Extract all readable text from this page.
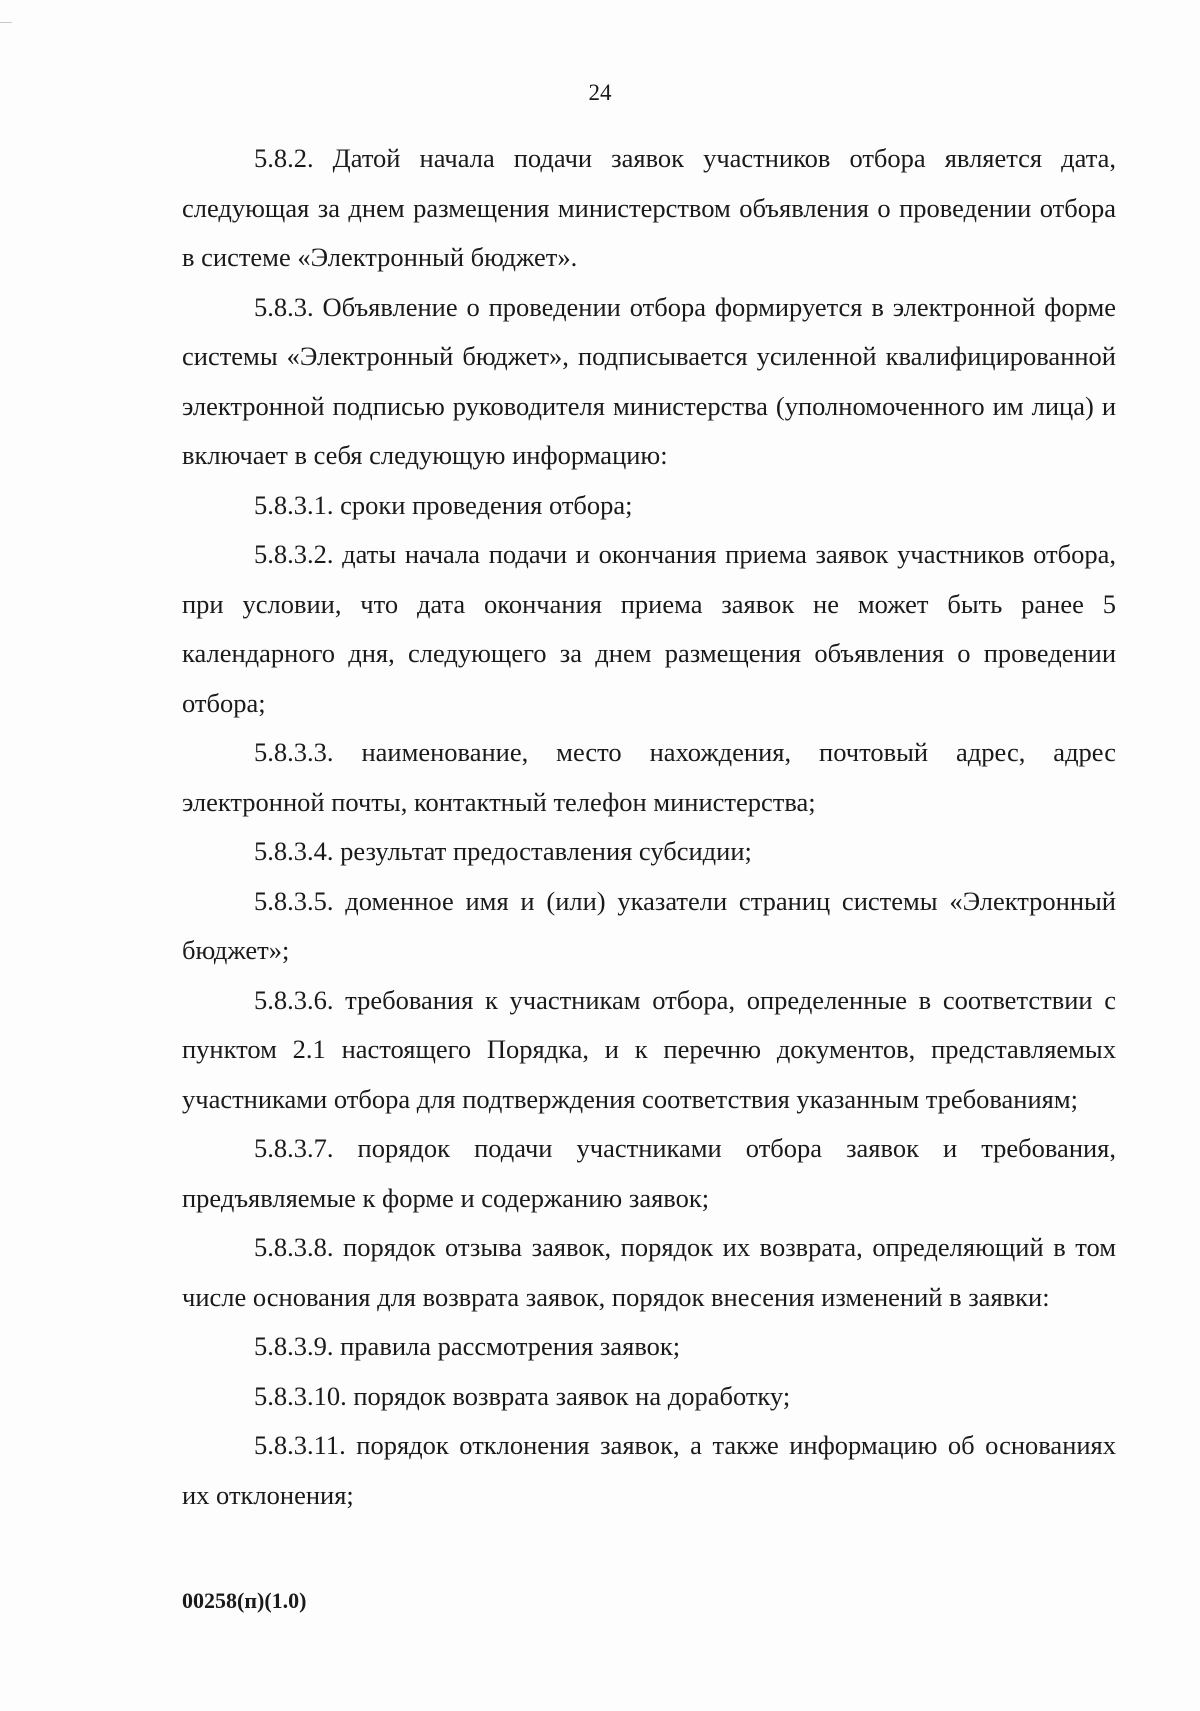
24

5.8.2. Датой начала подачи заявок участников отбора является дата, следующая за днем размещения министерством объявления о проведении отбора в системе «Электронный бюджет».

5.8.3. Объявление о проведении отбора формируется в электронной форме системы «Электронный бюджет», подписывается усиленной квалифицированной электронной подписью руководителя министерства (уполномоченного им лица) и включает в себя следующую информацию:

5.8.3.1. сроки проведения отбора;

5.8.3.2. даты начала подачи и окончания приема заявок участников отбора, при условии, что дата окончания приема заявок не может быть ранее 5 календарного дня, следующего за днем размещения объявления о проведении отбора;

5.8.3.3. наименование, место нахождения, почтовый адрес, адрес электронной почты, контактный телефон министерства;

5.8.3.4. результат предоставления субсидии;

5.8.3.5. доменное имя и (или) указатели страниц системы «Электронный бюджет»;

5.8.3.6. требования к участникам отбора, определенные в соответствии с пунктом 2.1 настоящего Порядка, и к перечню документов, представляемых участниками отбора для подтверждения соответствия указанным требованиям;

5.8.3.7. порядок подачи участниками отбора заявок и требования, предъявляемые к форме и содержанию заявок;

5.8.3.8. порядок отзыва заявок, порядок их возврата, определяющий в том числе основания для возврата заявок, порядок внесения изменений в заявки:

5.8.3.9. правила рассмотрения заявок;

5.8.3.10. порядок возврата заявок на доработку;

5.8.3.11. порядок отклонения заявок, а также информацию об основаниях их отклонения;

00258(п)(1.0)
